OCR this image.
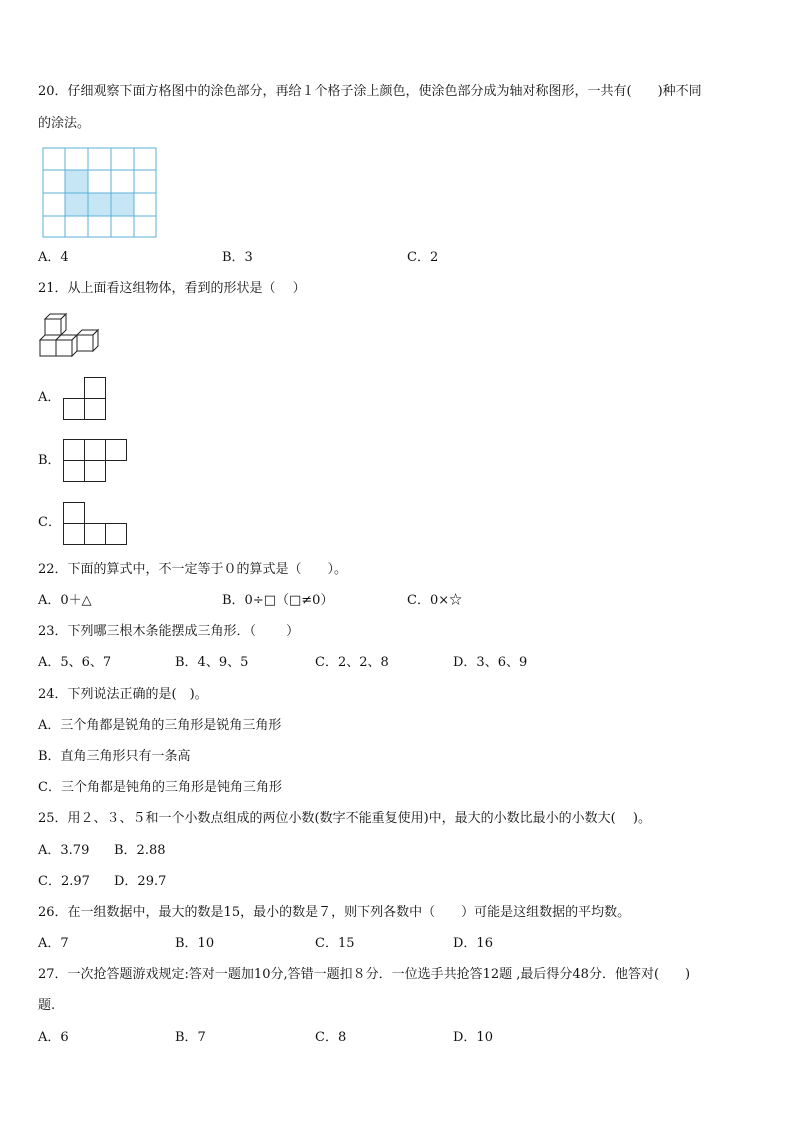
20．仔细观察下面方格图中的涂色部分，再给１个格子涂上颜色，使涂色部分成为轴对称图形，一共有(　　)种不同
的涂法。
A．4	B．3	C．2
21．从上面看这组物体，看到的形状是（　 ）
A．
B．
C．
22．下面的算式中，不一定等于０的算式是（　　）。
A．0＋△	B．0÷□（□≠0）	C．0×☆
23．下列哪三根木条能摆成三角形．（　　 ）
A．5、6、7	B．4、9、5	C．2、2、8	D．3、6、9
24．下列说法正确的是(　)。
A．三个角都是锐角的三角形是锐角三角形
B．直角三角形只有一条高
C．三个角都是钝角的三角形是钝角三角形
25．用２、３、５和一个小数点组成的两位小数(数字不能重复使用)中，最大的小数比最小的小数大(　 )。
A．3.79 B．2.88
C．2.97 D．29.7
26．在一组数据中，最大的数是15，最小的数是７，则下列各数中（　　）可能是这组数据的平均数。
A．7	B．10	C．15	D．16
27．一次抢答题游戏规定:答对一题加10分,答错一题扣８分．一位选手共抢答12题 ,最后得分48分．他答对(　　)
题.
A．6	B．7	C．8	D．10
